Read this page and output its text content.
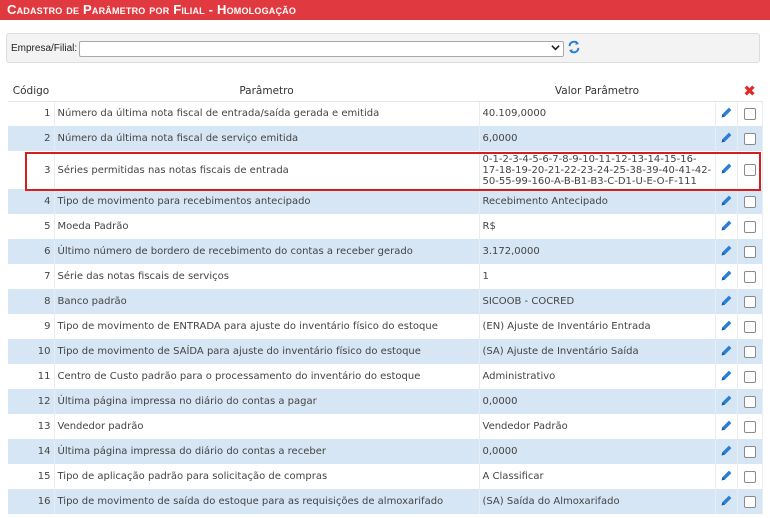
Cadastro de Parâmetro por Filial - Homologação
Empresa/Filial:
Código	Parâmetro	Valor Parâmetro		✖
1	Número da última nota fiscal de entrada/saída gerada e emitida	40.109,0000		
2	Número da última nota fiscal de serviço emitida	6,0000		
3	Séries permitidas nas notas fiscais de entrada	0-1-2-3-4-5-6-7-8-9-10-11-12-13-14-15-16-17-18-19-20-21-22-23-24-25-38-39-40-41-42-50-55-99-160-A-B-B1-B3-C-D1-U-E-O-F-111		
4	Tipo de movimento para recebimentos antecipado	Recebimento Antecipado		
5	Moeda Padrão	R$		
6	Último número de bordero de recebimento do contas a receber gerado	3.172,0000		
7	Série das notas fiscais de serviços	1		
8	Banco padrão	SICOOB - COCRED		
9	Tipo de movimento de ENTRADA para ajuste do inventário físico do estoque	(EN) Ajuste de Inventário Entrada		
10	Tipo de movimento de SAÍDA para ajuste do inventário físico do estoque	(SA) Ajuste de Inventário Saída		
11	Centro de Custo padrão para o processamento do inventário do estoque	Administrativo		
12	Última página impressa no diário do contas a pagar	0,0000		
13	Vendedor padrão	Vendedor Padrão		
14	Última página impressa do diário do contas a receber	0,0000		
15	Tipo de aplicação padrão para solicitação de compras	A Classificar		
16	Tipo de movimento de saída do estoque para as requisições de almoxarifado	(SA) Saída do Almoxarifado		
